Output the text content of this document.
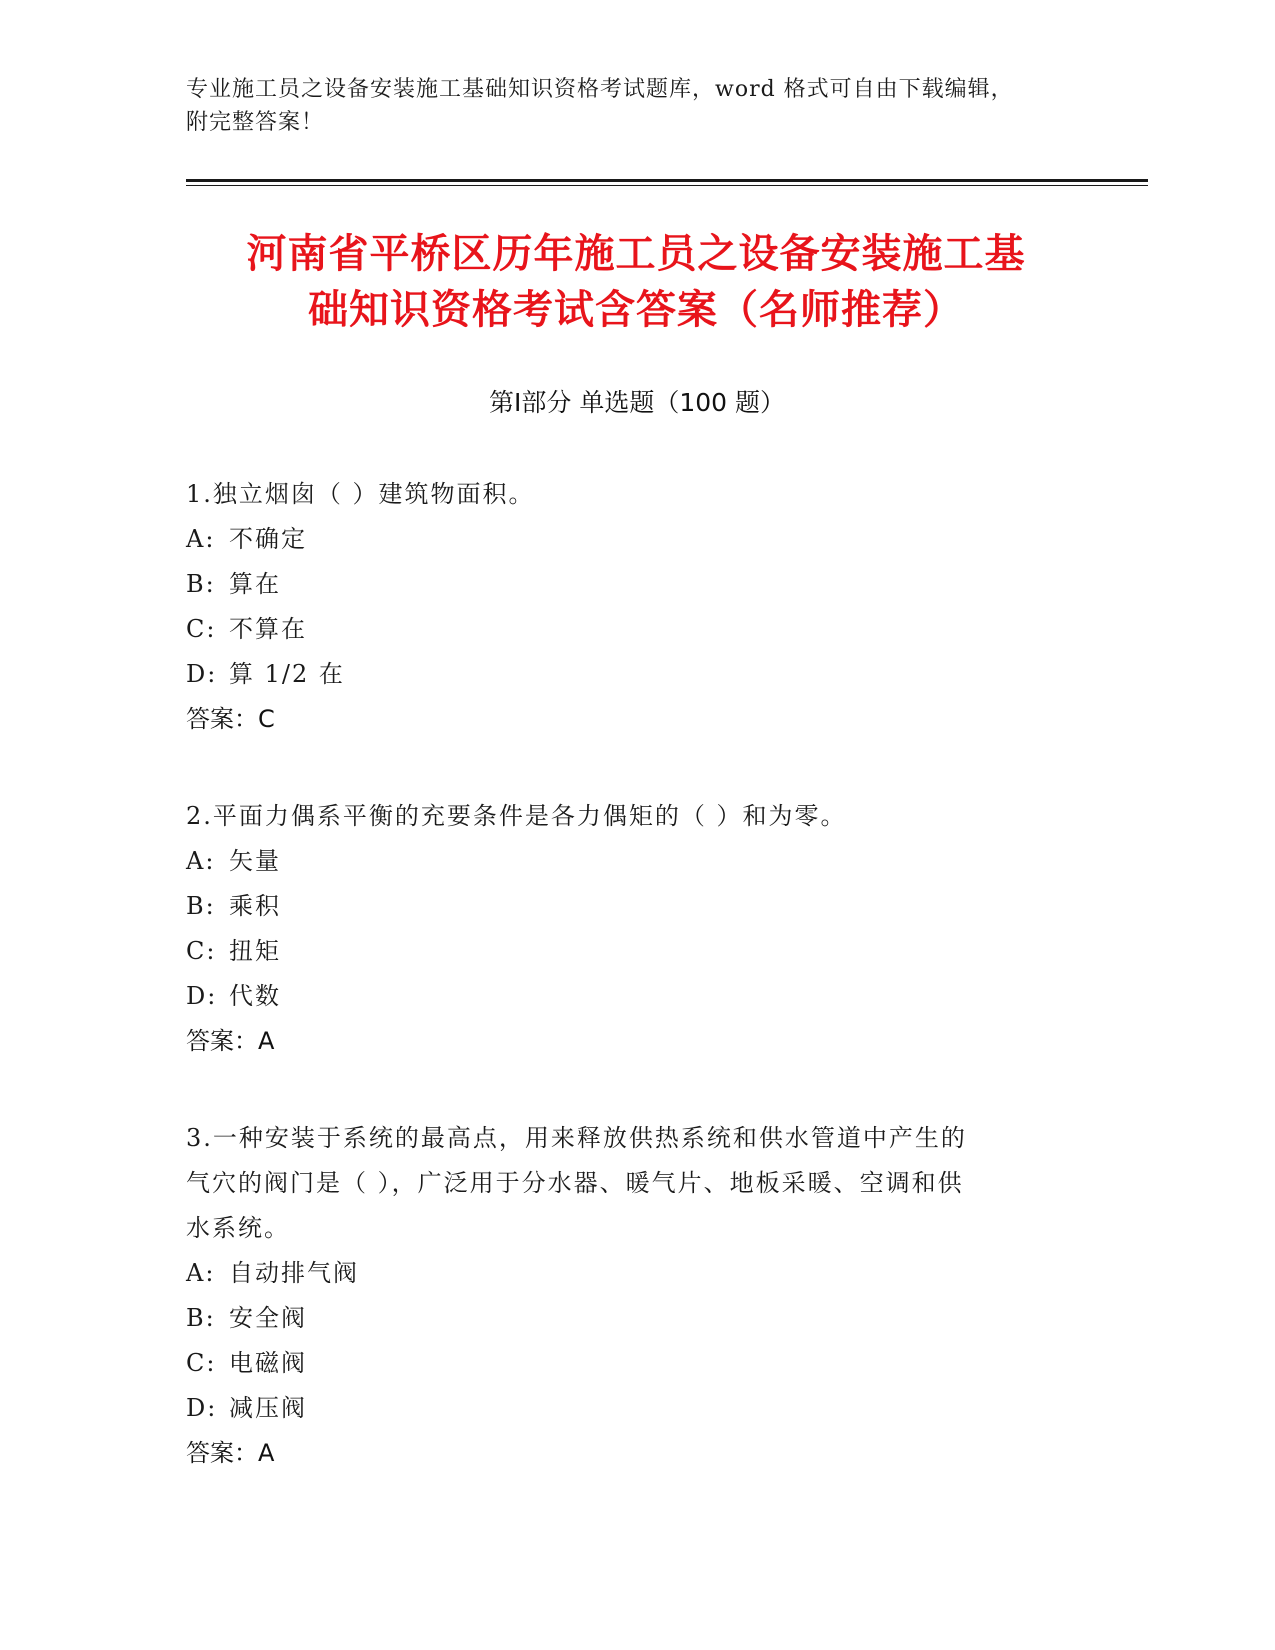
专业施工员之设备安装施工基础知识资格考试题库，word 格式可自由下载编辑，
附完整答案！
河南省平桥区历年施工员之设备安装施工基
础知识资格考试含答案（名师推荐）
第Ⅰ部分 单选题（100 题）

1.独立烟囱（ ）建筑物面积。

A: 不确定

B: 算在

C: 不算在

D: 算 1/2 在

答案：C

2.平面力偶系平衡的充要条件是各力偶矩的（ ）和为零。

A: 矢量

B: 乘积

C: 扭矩

D: 代数

答案：A

3.一种安装于系统的最高点，用来释放供热系统和供水管道中产生的

气穴的阀门是（ ），广泛用于分水器、暖气片、地板采暖、空调和供

水系统。

A: 自动排气阀

B: 安全阀

C: 电磁阀

D: 减压阀

答案：A
